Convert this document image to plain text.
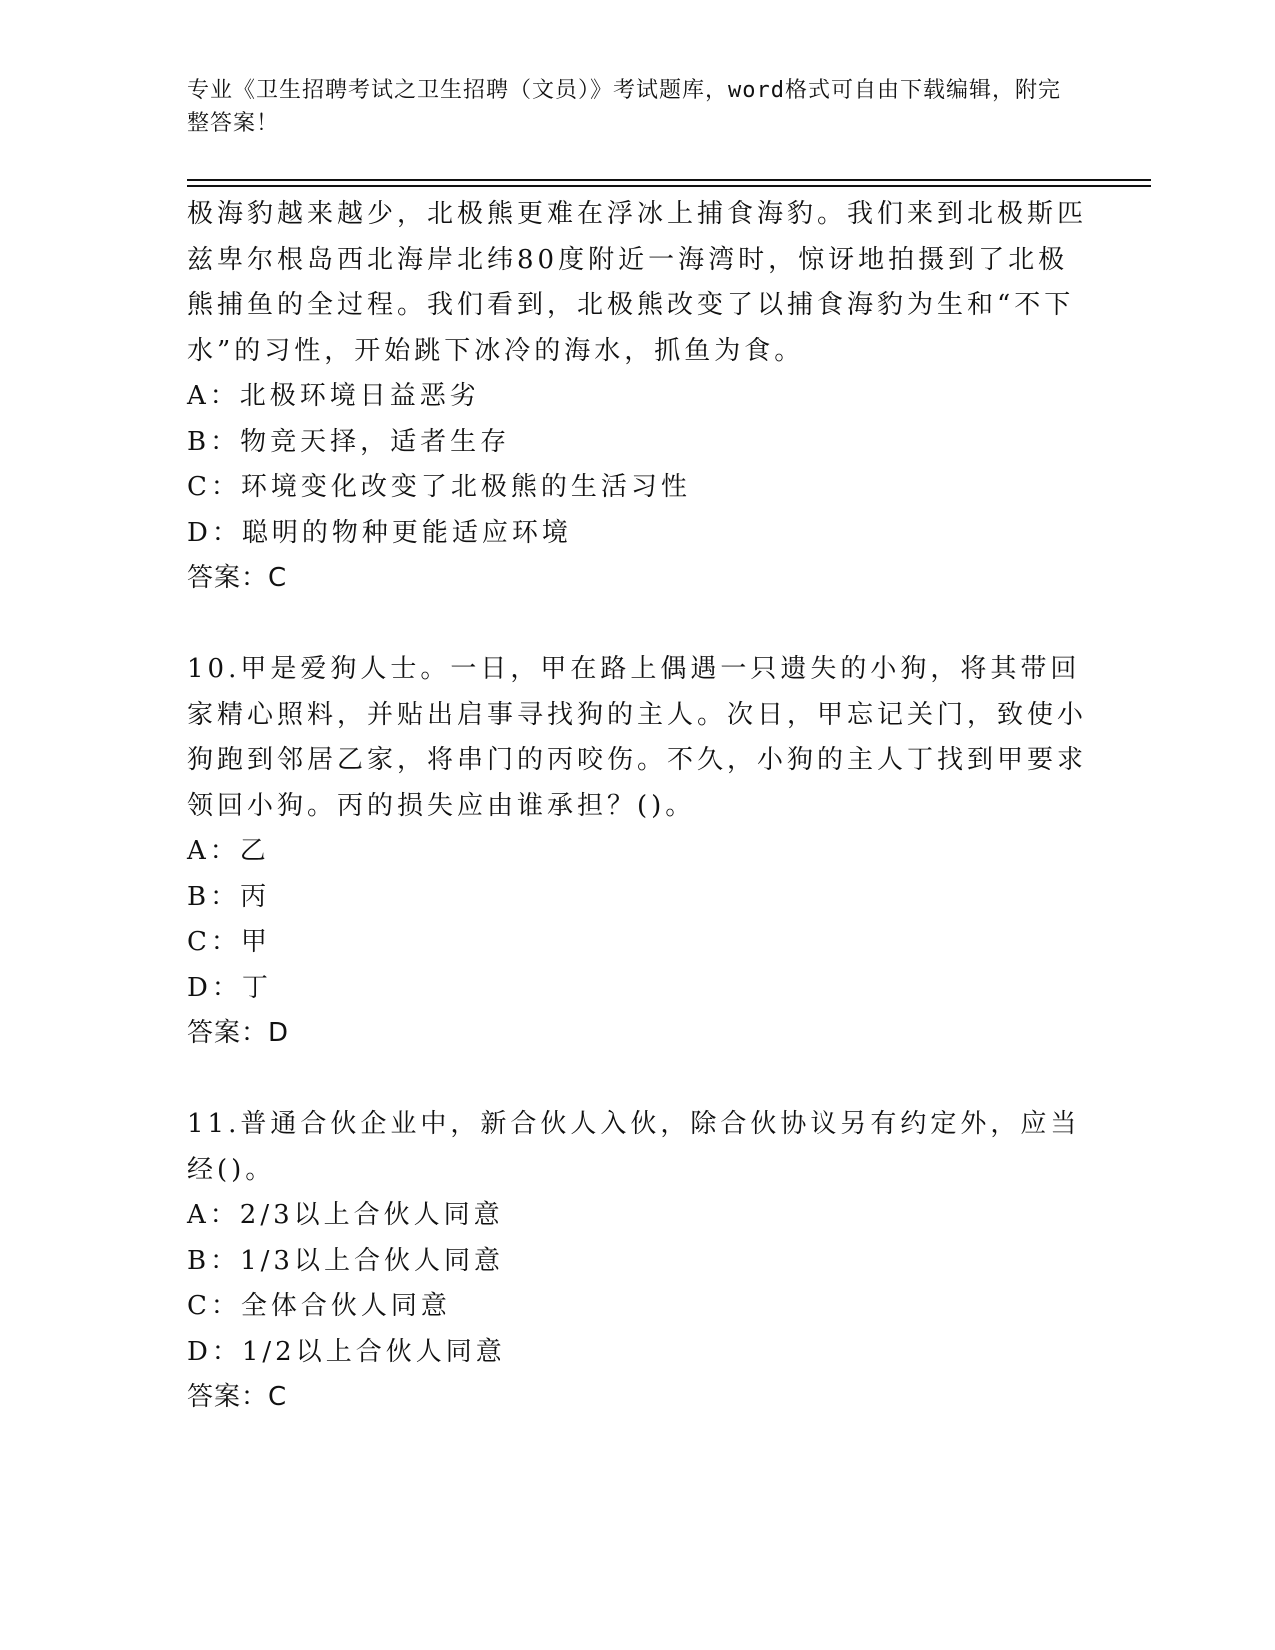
专业《卫生招聘考试之卫生招聘（文员）》考试题库，word格式可自由下载编辑，附完整答案！

极海豹越来越少，北极熊更难在浮冰上捕食海豹。我们来到北极斯匹兹卑尔根岛西北海岸北纬80度附近一海湾时，惊讶地拍摄到了北极熊捕鱼的全过程。我们看到，北极熊改变了以捕食海豹为生和“不下水”的习性，开始跳下冰冷的海水，抓鱼为食。

A：北极环境日益恶劣

B：物竞天择，适者生存

C：环境变化改变了北极熊的生活习性

D：聪明的物种更能适应环境

答案：C

10.甲是爱狗人士。一日，甲在路上偶遇一只遗失的小狗，将其带回家精心照料，并贴出启事寻找狗的主人。次日，甲忘记关门，致使小狗跑到邻居乙家，将串门的丙咬伤。不久，小狗的主人丁找到甲要求领回小狗。丙的损失应由谁承担？()。

A：乙

B：丙

C：甲

D：丁

答案：D

11.普通合伙企业中，新合伙人入伙，除合伙协议另有约定外，应当经()。

A：2/3以上合伙人同意

B：1/3以上合伙人同意

C：全体合伙人同意

D：1/2以上合伙人同意

答案：C
